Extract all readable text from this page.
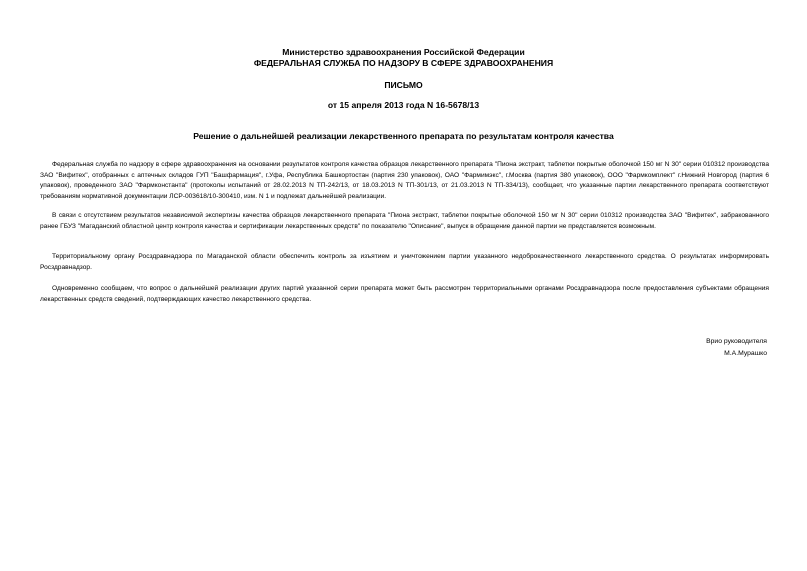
Министерство здравоохранения Российской Федерации
ФЕДЕРАЛЬНАЯ СЛУЖБА ПО НАДЗОРУ В СФЕРЕ ЗДРАВООХРАНЕНИЯ
ПИСЬМО
от 15 апреля 2013 года N 16-5678/13
Решение о дальнейшей реализации лекарственного препарата по результатам контроля качества

Федеральная служба по надзору в сфере здравоохранения на основании результатов контроля качества образцов лекарственного препарата "Пиона экстракт, таблетки покрытые оболочкой 150 мг N 30" серии 010312 производства ЗАО "Вифитех", отобранных с аптечных складов ГУП "Башфармация", г.Уфа, Республика Башкортостан (партия 230 упаковок), ОАО "Фармимэкс", г.Москва (партия 380 упаковок), ООО "Фармкомплект" г.Нижний Новгород (партия 6 упаковок), проведенного ЗАО "Фармконстанта" (протоколы испытаний от 28.02.2013 N ТП-242/13, от 18.03.2013 N ТП-301/13, от 21.03.2013 N ТП-334/13), сообщает, что указанные партии лекарственного препарата соответствуют требованиям нормативной документации ЛСР-003618/10-300410, изм. N 1 и подлежат дальнейшей реализации.

В связи с отсутствием результатов независимой экспертизы качества образцов лекарственного препарата "Пиона экстракт, таблетки покрытые оболочкой 150 мг N 30" серии 010312 производства ЗАО "Вифитех", забракованного ранее ГБУЗ "Магаданский областной центр контроля качества и сертификации лекарственных средств" по показателю "Описание", выпуск в обращение данной партии не представляется возможным.

Территориальному органу Росздравнадзора по Магаданской области обеспечить контроль за изъятием и уничтожением партии указанного недоброкачественного лекарственного средства. О результатах информировать Росздравнадзор.

Одновременно сообщаем, что вопрос о дальнейшей реализации других партий указанной серии препарата может быть рассмотрен территориальными органами Росздравнадзора после предоставления субъектами обращения лекарственных средств сведений, подтверждающих качество лекарственного средства.

Врио руководителя
М.А.Мурашко
